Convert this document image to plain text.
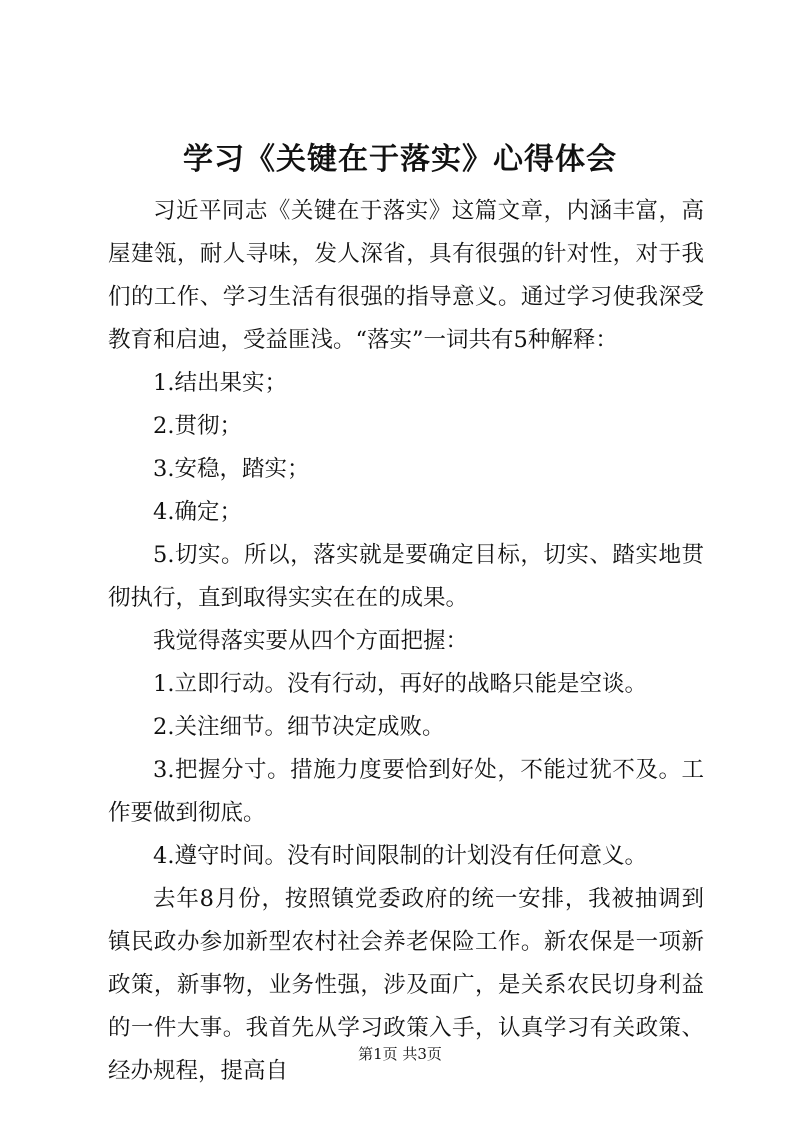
学习《关键在于落实》心得体会

习近平同志《关键在于落实》这篇文章，内涵丰富，高屋建瓴，耐人寻味，发人深省，具有很强的针对性，对于我们的工作、学习生活有很强的指导意义。通过学习使我深受教育和启迪，受益匪浅。“落实”一词共有5种解释：

1.结出果实；

2.贯彻；

3.安稳，踏实；

4.确定；

5.切实。所以，落实就是要确定目标，切实、踏实地贯彻执行，直到取得实实在在的成果。

我觉得落实要从四个方面把握：

1.立即行动。没有行动，再好的战略只能是空谈。

2.关注细节。细节决定成败。

3.把握分寸。措施力度要恰到好处，不能过犹不及。工作要做到彻底。

4.遵守时间。没有时间限制的计划没有任何意义。

去年8月份，按照镇党委政府的统一安排，我被抽调到镇民政办参加新型农村社会养老保险工作。新农保是一项新政策，新事物，业务性强，涉及面广，是关系农民切身利益的一件大事。我首先从学习政策入手，认真学习有关政策、经办规程，提高自

第1页 共3页
